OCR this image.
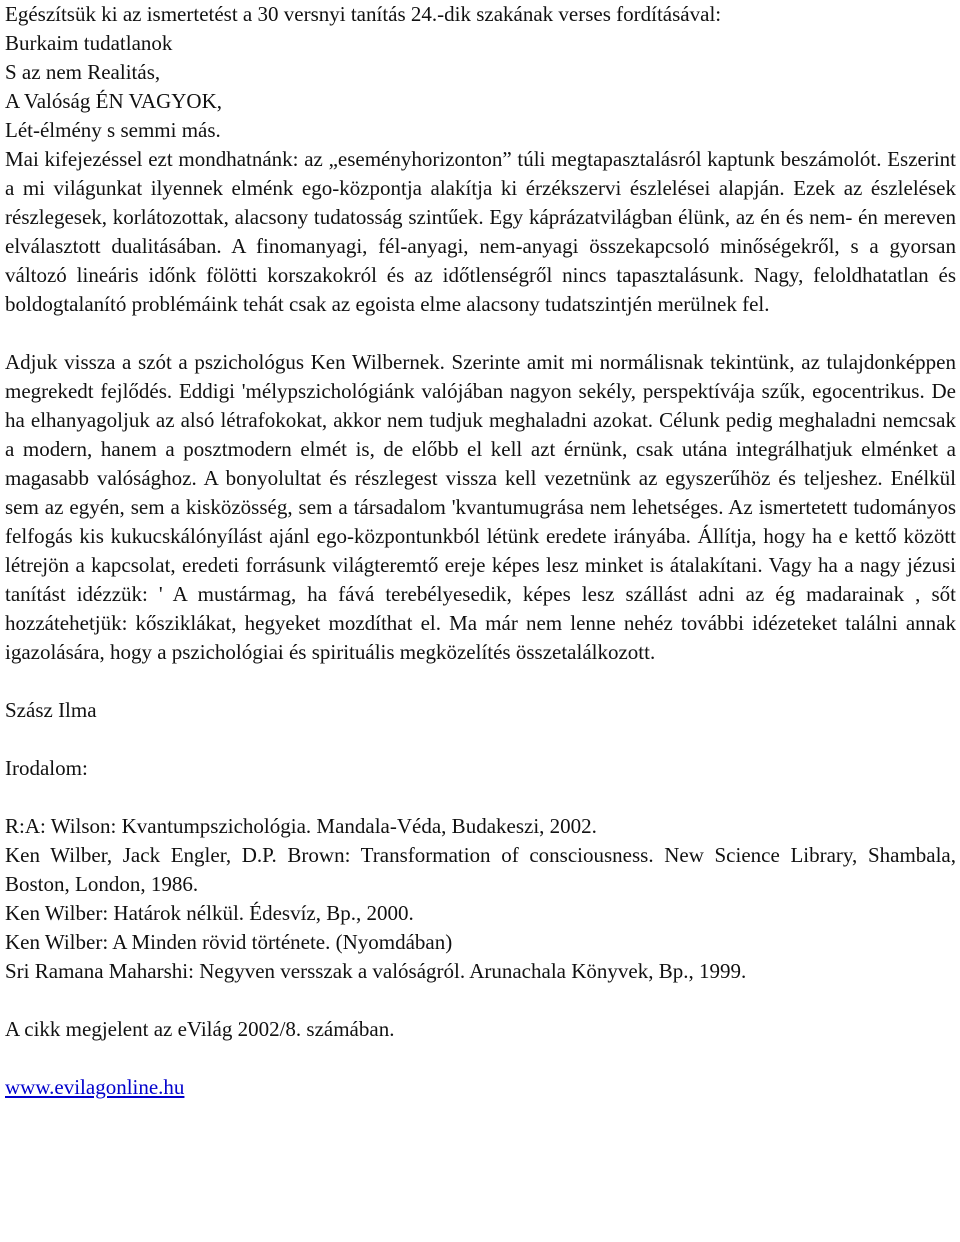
Egészítsük ki az ismertetést a 30 versnyi tanítás 24.-dik szakának verses fordításával:
Burkaim tudatlanok
S az nem Realitás,
A Valóság ÉN VAGYOK,
Lét-élmény s semmi más.

Mai kifejezéssel ezt mondhatnánk: az „eseményhorizonton” túli megtapasztalásról kaptunk beszámolót. Eszerint a mi világunkat ilyennek elménk ego-központja alakítja ki érzékszervi észlelései alapján. Ezek az észlelések részlegesek, korlátozottak, alacsony tudatosság szintűek. Egy káprázatvilágban élünk, az én és nem- én mereven elválasztott dualitásában. A finomanyagi, fél-anyagi, nem-anyagi összekapcsoló minőségekről, s a gyorsan változó lineáris időnk fölötti korszakokról és az időtlenségről nincs tapasztalásunk. Nagy, feloldhatatlan és boldogtalanító problémáink tehát csak az egoista elme alacsony tudatszintjén merülnek fel.

Adjuk vissza a szót a pszichológus Ken Wilbernek. Szerinte amit mi normálisnak tekintünk, az tulajdonképpen megrekedt fejlődés. Eddigi 'mélypszichológiánk valójában nagyon sekély, perspektívája szűk, egocentrikus. De ha elhanyagoljuk az alsó létrafokokat, akkor nem tudjuk meghaladni azokat. Célunk pedig meghaladni nemcsak a modern, hanem a posztmodern elmét is, de előbb el kell azt érnünk, csak utána integrálhatjuk elménket a magasabb valósághoz. A bonyolultat és részlegest vissza kell vezetnünk az egyszerűhöz és teljeshez. Enélkül sem az egyén, sem a kisközösség, sem a társadalom 'kvantumugrása nem lehetséges. Az ismertetett tudományos felfogás kis kukucskálónyílást ajánl ego-központunkból létünk eredete irányába. Állítja, hogy ha e kettő között létrejön a kapcsolat, eredeti forrásunk világteremtő ereje képes lesz minket is átalakítani. Vagy ha a nagy jézusi tanítást idézzük: ' A mustármag, ha fává terebélyesedik, képes lesz szállást adni az ég madarainak , sőt hozzátehetjük: kősziklákat, hegyeket mozdíthat el. Ma már nem lenne nehéz további idézeteket találni annak igazolására, hogy a pszichológiai és spirituális megközelítés összetalálkozott.

Szász Ilma
Irodalom:

R:A: Wilson: Kvantumpszichológia. Mandala-Véda, Budakeszi, 2002.

Ken Wilber, Jack Engler, D.P. Brown: Transformation of consciousness. New Science Library, Shambala, Boston, London, 1986.

Ken Wilber: Határok nélkül. Édesvíz, Bp., 2000.

Ken Wilber: A Minden rövid története. (Nyomdában)

Sri Ramana Maharshi: Negyven versszak a valóságról. Arunachala Könyvek, Bp., 1999.

A cikk megjelent az eVilág 2002/8. számában.
www.evilagonline.hu
